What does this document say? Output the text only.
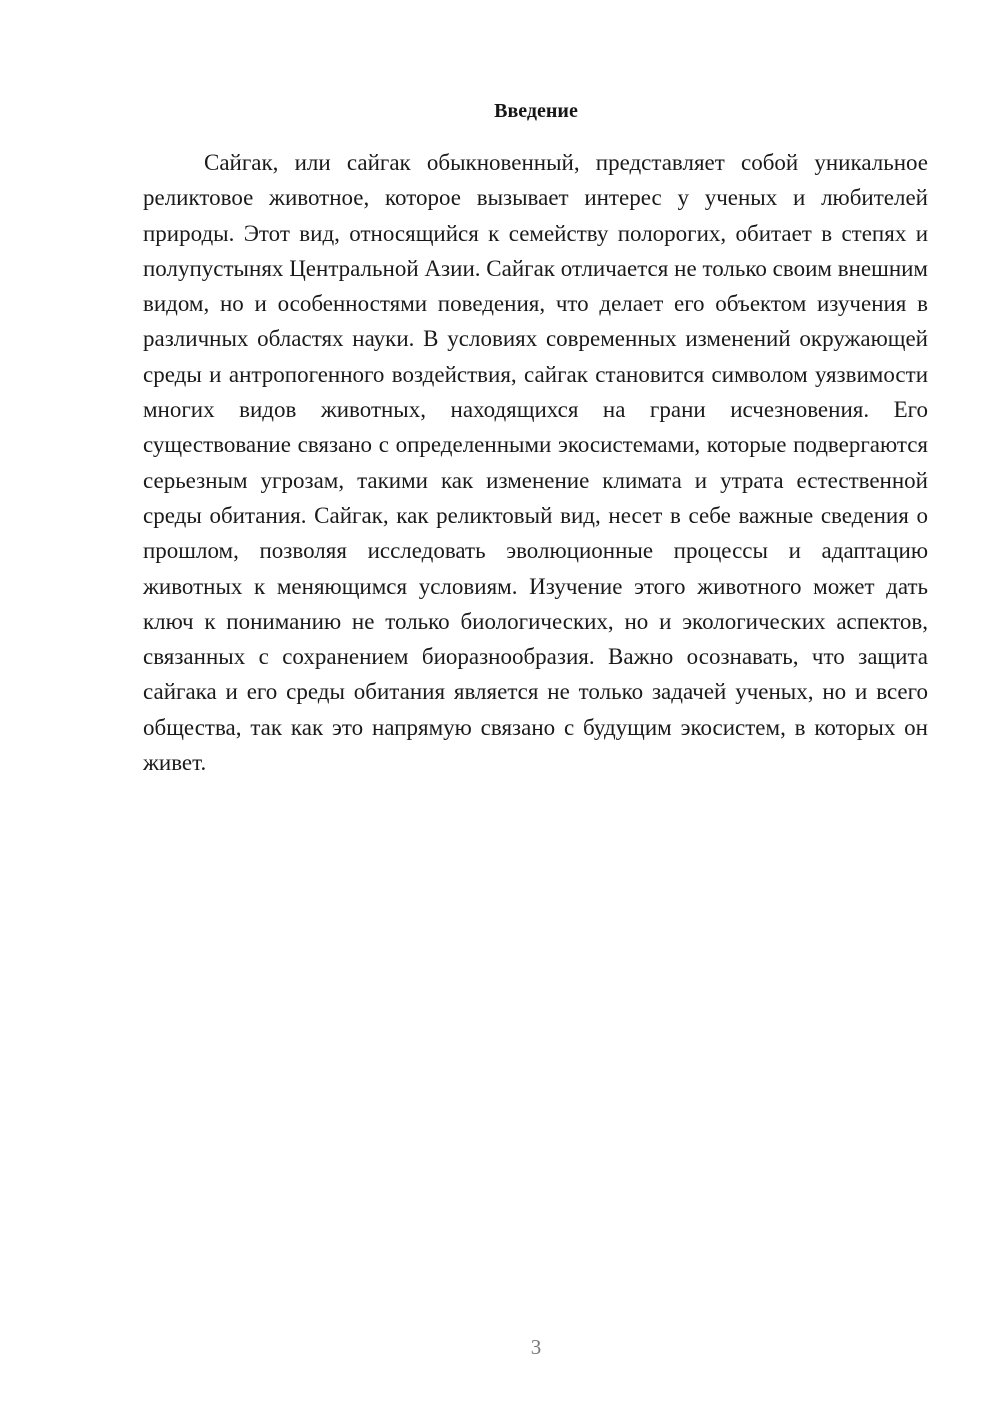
Введение

Сайгак, или сайгак обыкновенный, представляет собой уникальное реликтовое животное, которое вызывает интерес у ученых и любителей природы. Этот вид, относящийся к семейству полорогих, обитает в степях и полупустынях Центральной Азии. Сайгак отличается не только своим внешним видом, но и особенностями поведения, что делает его объектом изучения в различных областях науки. В условиях современных изменений окружающей среды и антропогенного воздействия, сайгак становится символом уязвимости многих видов животных, находящихся на грани исчезновения. Его существование связано с определенными экосистемами, которые подвергаются серьезным угрозам, такими как изменение климата и утрата естественной среды обитания. Сайгак, как реликтовый вид, несет в себе важные сведения о прошлом, позволяя исследовать эволюционные процессы и адаптацию животных к меняющимся условиям. Изучение этого животного может дать ключ к пониманию не только биологических, но и экологических аспектов, связанных с сохранением биоразнообразия. Важно осознавать, что защита сайгака и его среды обитания является не только задачей ученых, но и всего общества, так как это напрямую связано с будущим экосистем, в которых он живет.

3
